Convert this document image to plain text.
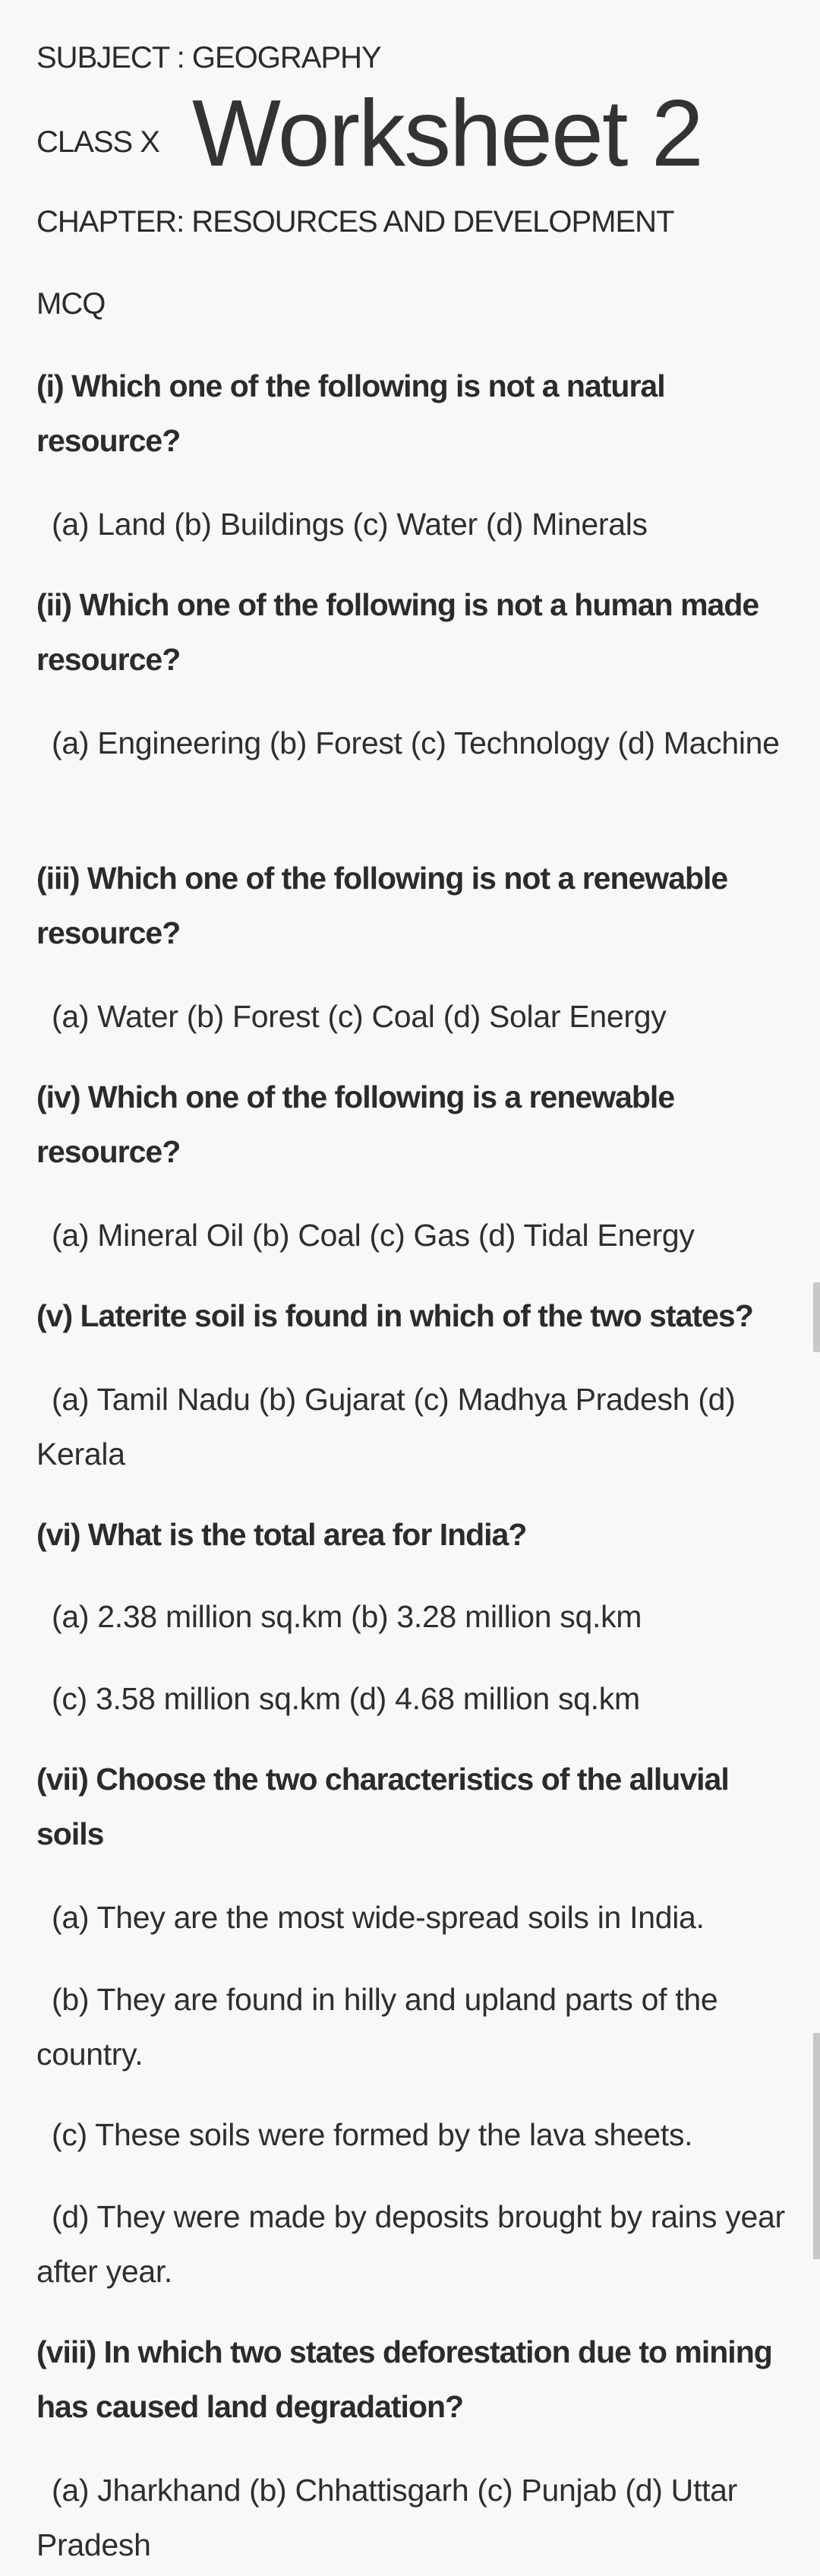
SUBJECT : GEOGRAPHY
CLASS X Worksheet 2
CHAPTER: RESOURCES AND DEVELOPMENT
MCQ
(i) Which one of the following is not a natural resource?
(a) Land (b) Buildings (c) Water (d) Minerals
(ii) Which one of the following is not a human made resource?
(a) Engineering (b) Forest (c) Technology (d) Machine
(iii) Which one of the following is not a renewable resource?
(a) Water (b) Forest (c) Coal (d) Solar Energy
(iv) Which one of the following is a renewable resource?
(a) Mineral Oil (b) Coal (c) Gas (d) Tidal Energy
(v) Laterite soil is found in which of the two states?
(a) Tamil Nadu (b) Gujarat (c) Madhya Pradesh (d) Kerala
(vi) What is the total area for India?
(a) 2.38 million sq.km (b) 3.28 million sq.km
(c) 3.58 million sq.km (d) 4.68 million sq.km
(vii) Choose the two characteristics of the alluvial soils
(a) They are the most wide-spread soils in India.
(b) They are found in hilly and upland parts of the country.
(c) These soils were formed by the lava sheets.
(d) They were made by deposits brought by rains year after year.
(viii) In which two states deforestation due to mining has caused land degradation?
(a) Jharkhand (b) Chhattisgarh (c) Punjab (d) Uttar Pradesh
